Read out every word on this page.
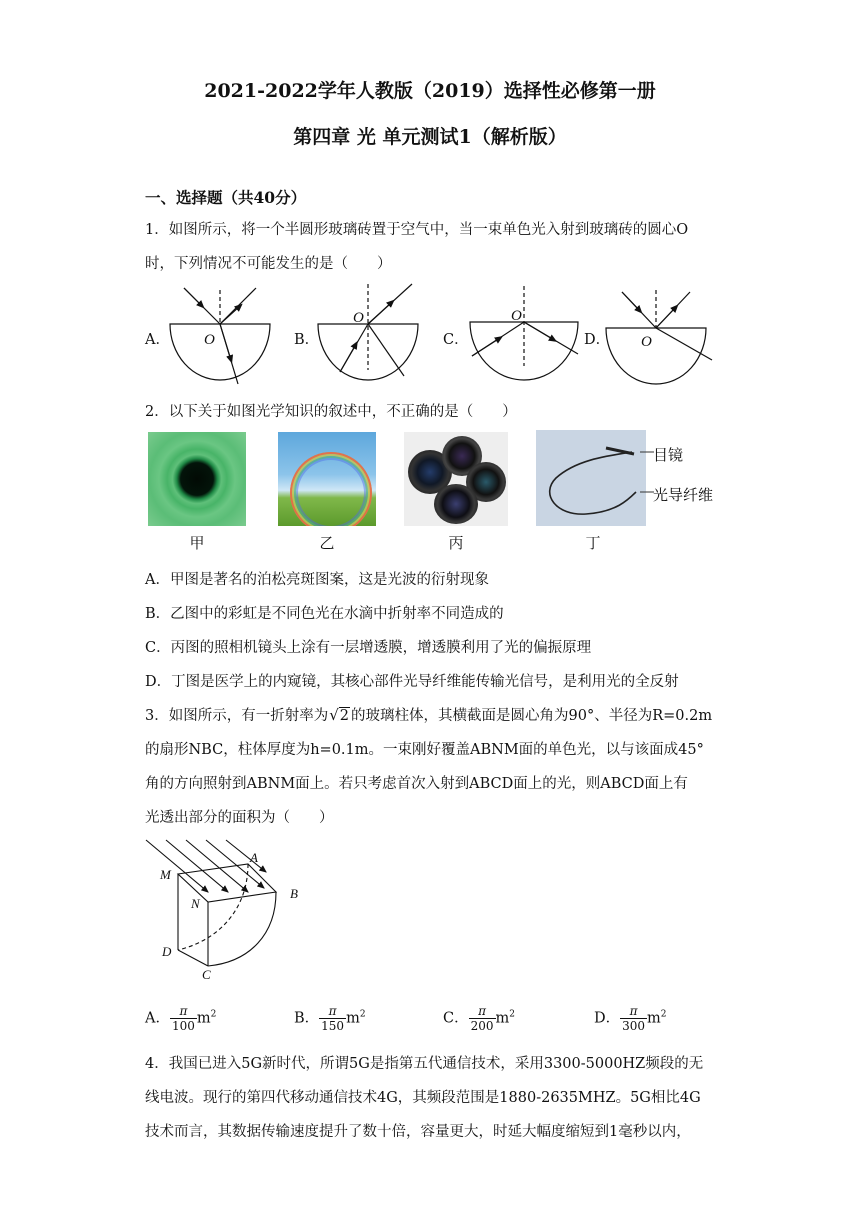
2021-2022学年人教版（2019）选择性必修第一册
第四章 光 单元测试1（解析版）
一、选择题（共40分）
1．如图所示，将一个半圆形玻璃砖置于空气中，当一束单色光入射到玻璃砖的圆心O
时，下列情况不可能发生的是（　　）
A．	B．	C．	D．
O
O	O
O
2．以下关于如图光学知识的叙述中，不正确的是（　　）
目镜
光导纤维
甲	乙	丙	丁
A．甲图是著名的泊松亮斑图案，这是光波的衍射现象
B．乙图中的彩虹是不同色光在水滴中折射率不同造成的
C．丙图的照相机镜头上涂有一层增透膜，增透膜利用了光的偏振原理
D．丁图是医学上的内窥镜，其核心部件光导纤维能传输光信号，是利用光的全反射
3．如图所示，有一折射率为√2 的玻璃柱体，其横截面是圆心角为90°、半径为R=0.2m
的扇形NBC，柱体厚度为h=0.1m。一束刚好覆盖ABNM面的单色光，以与该面成45°
角的方向照射到ABNM面上。若只考虑首次入射到ABCD面上的光，则ABCD面上有
光透出部分的面积为（　　）
A
B
C
D
M
N
A． $\frac{\pi}{100} m^2$	B． $\frac{\pi}{150} m^2$	C． $\frac{\pi}{200} m^2$	D． $\frac{\pi}{300} m^2$
4．我国已进入5G新时代，所谓5G是指第五代通信技术，采用3300-5000HZ频段的无
线电波。现行的第四代移动通信技术4G，其频段范围是1880-2635MHZ。5G相比4G
技术而言，其数据传输速度提升了数十倍，容量更大，时延大幅度缩短到1毫秒以内，
